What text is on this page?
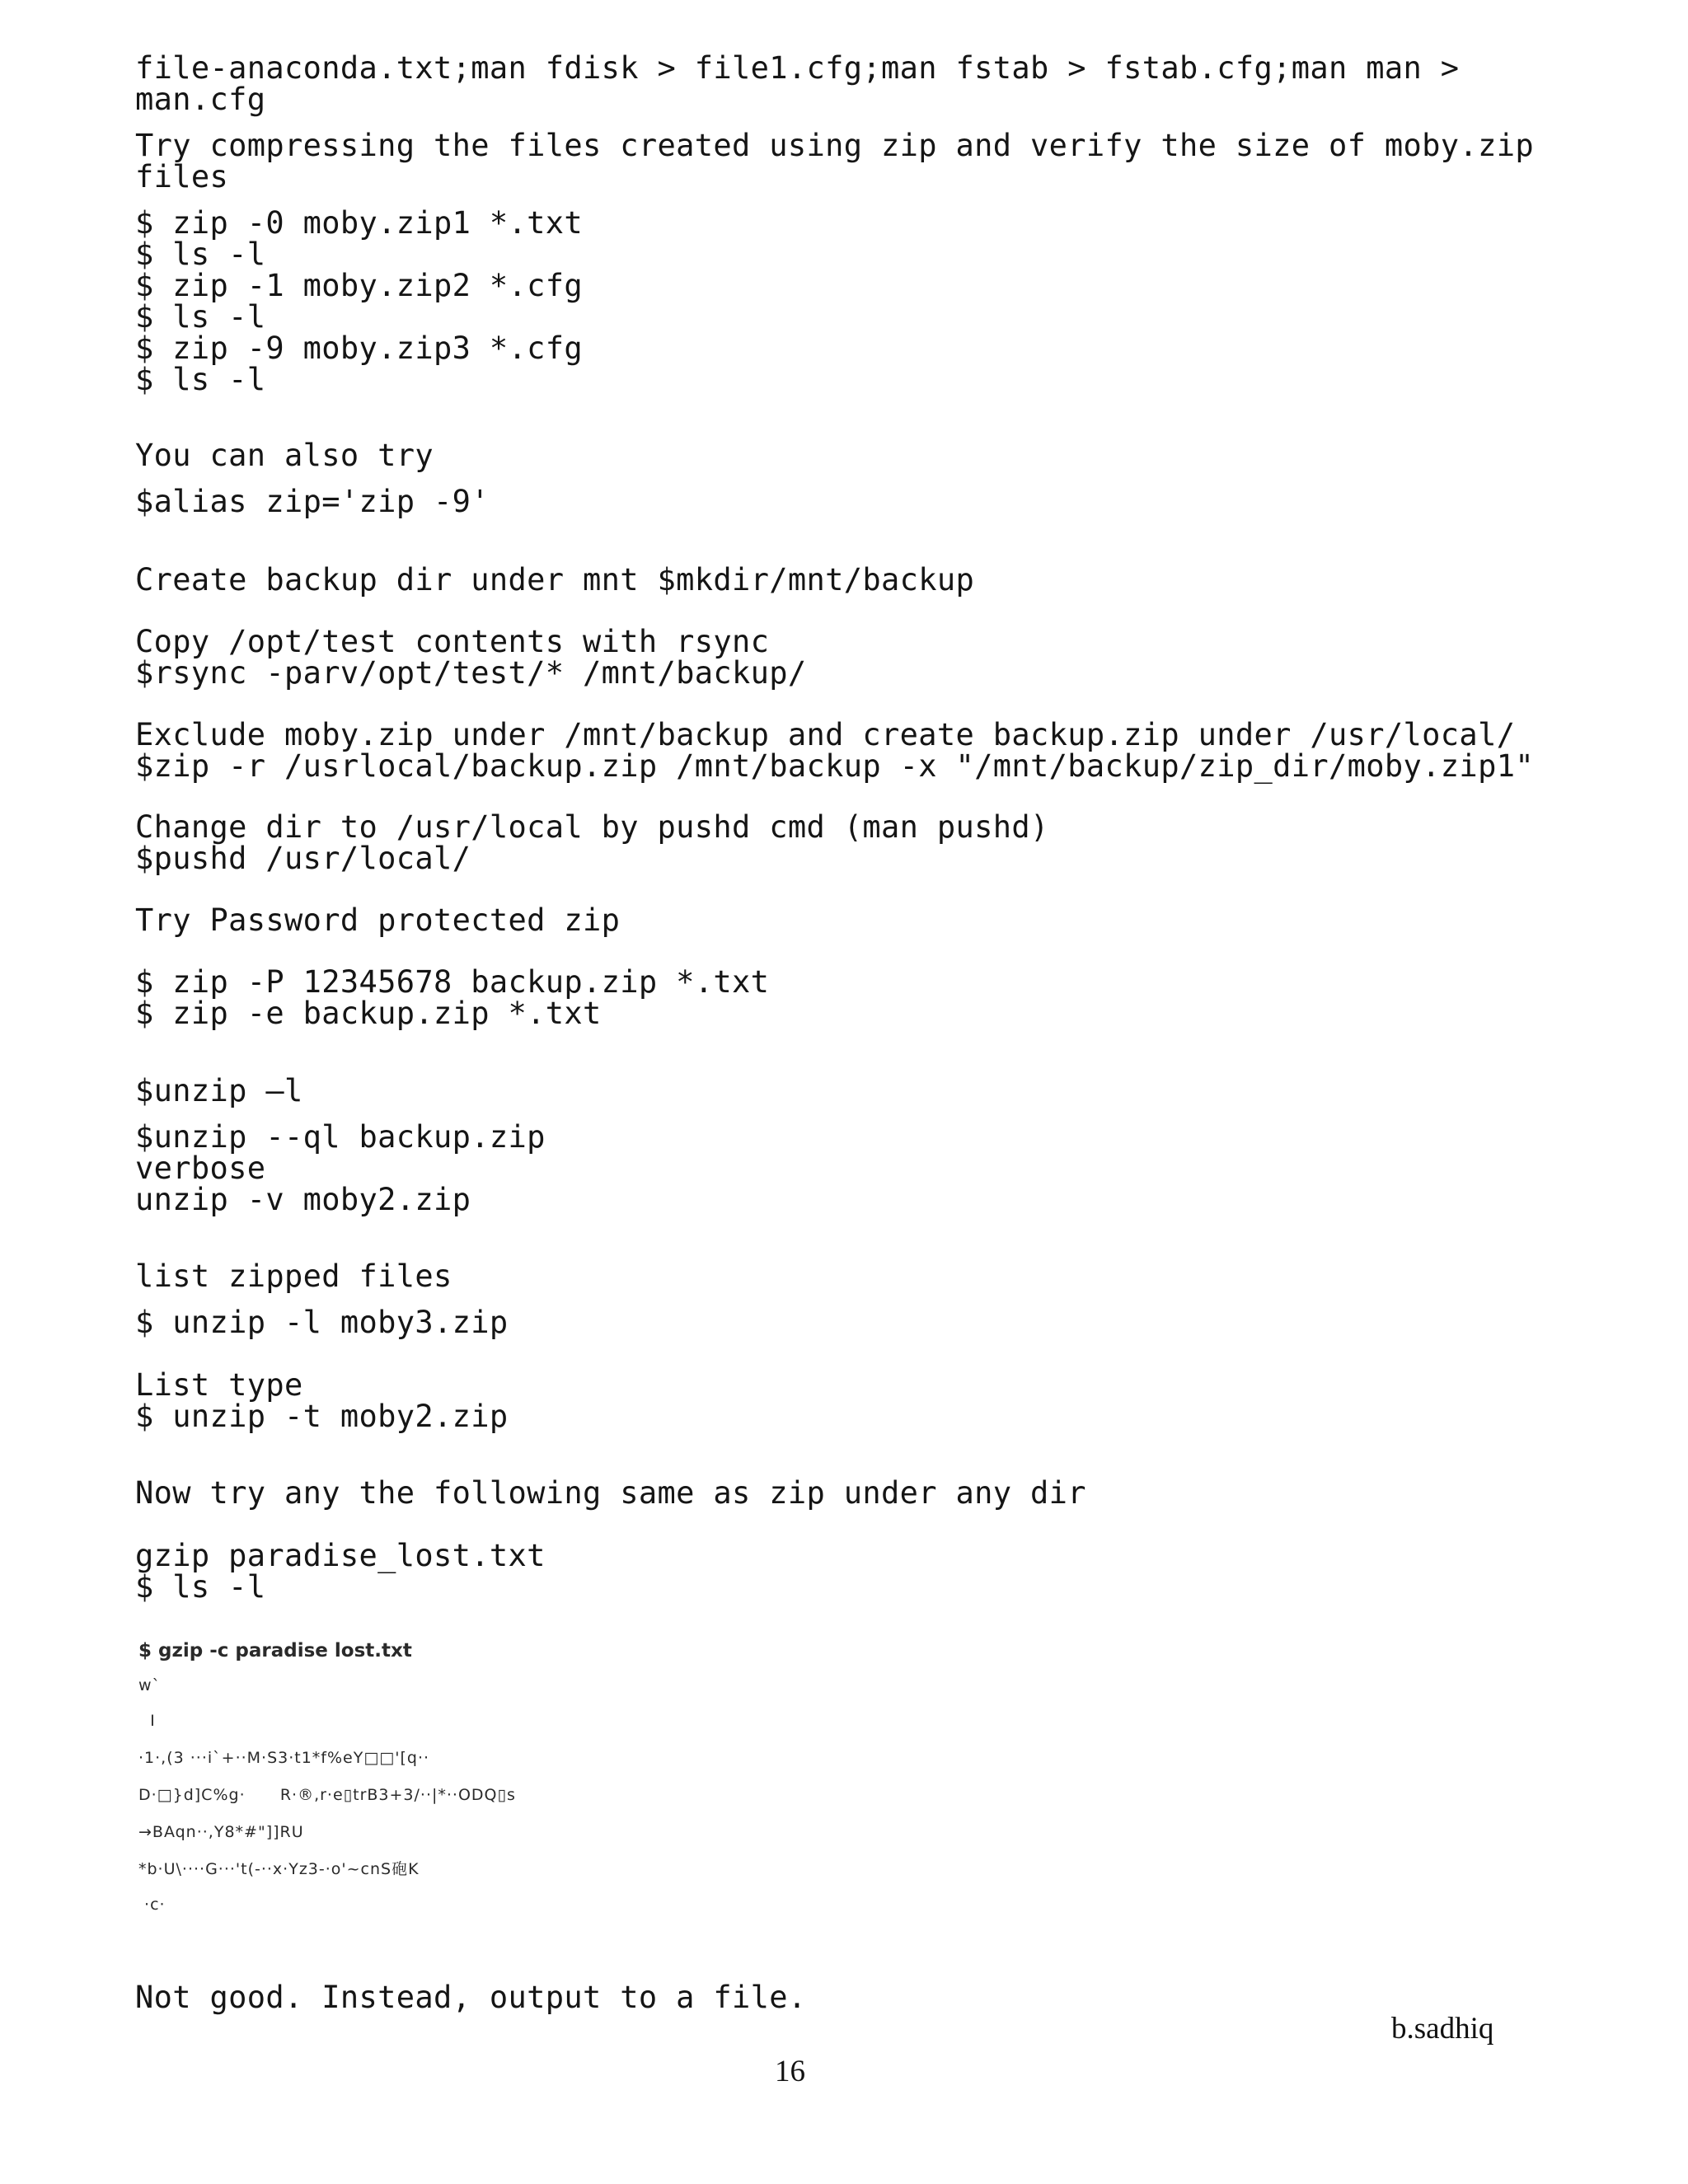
file-anaconda.txt;man fdisk > file1.cfg;man fstab > fstab.cfg;man man >
man.cfg
Try compressing the files created using zip and verify the size of moby.zip
files
$ zip -0 moby.zip1 *.txt
$ ls -l
$ zip -1 moby.zip2 *.cfg
$ ls -l
$ zip -9 moby.zip3 *.cfg
$ ls -l
You can also try
$alias zip='zip -9'
Create backup dir under mnt $mkdir/mnt/backup
Copy /opt/test contents with rsync
$rsync -parv/opt/test/* /mnt/backup/
Exclude moby.zip under /mnt/backup and create backup.zip under /usr/local/
$zip -r /usrlocal/backup.zip /mnt/backup -x "/mnt/backup/zip_dir/moby.zip1"
Change dir to /usr/local by pushd cmd (man pushd)
$pushd /usr/local/
Try Password protected zip
$ zip -P 12345678 backup.zip *.txt
$ zip -e backup.zip *.txt
$unzip –l
$unzip --ql backup.zip
verbose
unzip -v moby2.zip
list zipped files
$ unzip -l moby3.zip
List type
$ unzip -t moby2.zip
Now try any the following same as zip under any dir
gzip paradise_lost.txt
$ ls -l
$ gzip -c paradise lost.txt
w`
I
·1·,(3 ···i`+··M·S3·t1*f%eY□□'[q··
D·□}d]C%g·      R·®,r·e▯trB3+3/··|*··ODQ▯s
→BAqn··,Y8*#"]]RU
*b·U\····G···'t(-··x·Yz3-·o'~cnS砲K
·c·
Not good. Instead, output to a file.
b.sadhiq
16
